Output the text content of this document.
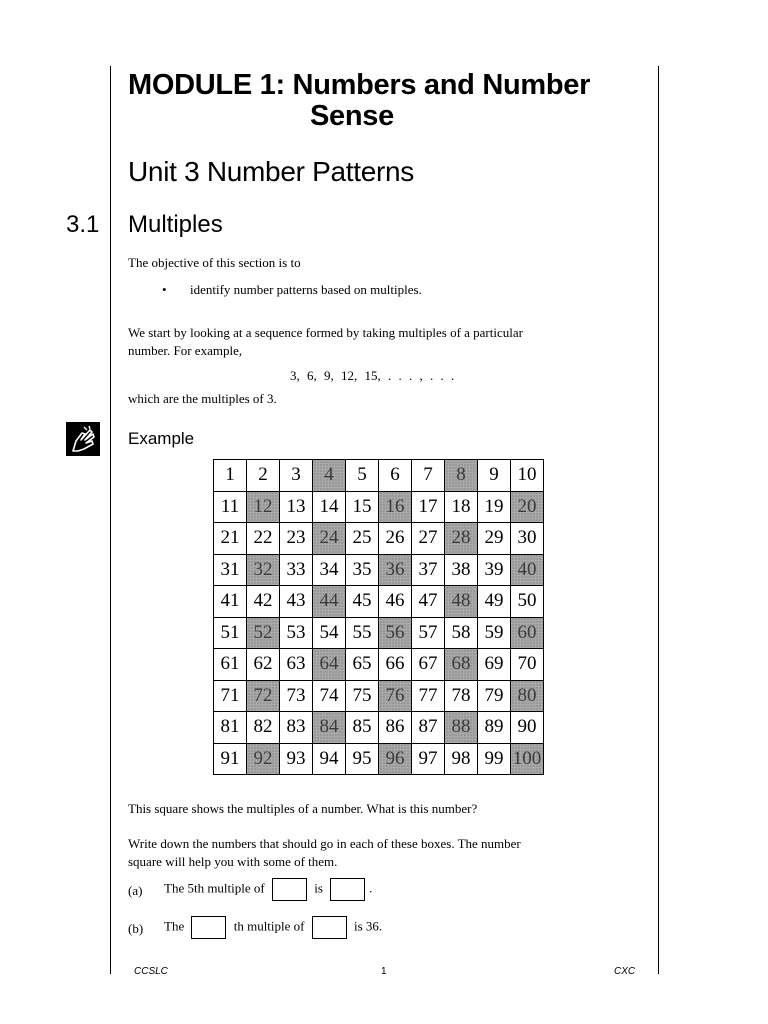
MODULE 1: Numbers and Number
Sense
Unit 3 Number Patterns
3.1 Multiples

The objective of this section is to

• identify number patterns based on multiples.

We start by looking at a sequence formed by taking multiples of a particular

number. For example,

3, 6, 9, 12, 15, . . . , . . .

which are the multiples of 3.

Example
1	2	3	4	5	6	7	8	9	10
11	12	13	14	15	16	17	18	19	20
21	22	23	24	25	26	27	28	29	30
31	32	33	34	35	36	37	38	39	40
41	42	43	44	45	46	47	48	49	50
51	52	53	54	55	56	57	58	59	60
61	62	63	64	65	66	67	68	69	70
71	72	73	74	75	76	77	78	79	80
81	82	83	84	85	86	87	88	89	90
91	92	93	94	95	96	97	98	99	100

This square shows the multiples of a number. What is this number?

Write down the numbers that should go in each of these boxes. The number

square will help you with some of them.

(a) The 5th multiple of	is	.
(b) The	th multiple of	is 36.
CCSLC	1	CXC
